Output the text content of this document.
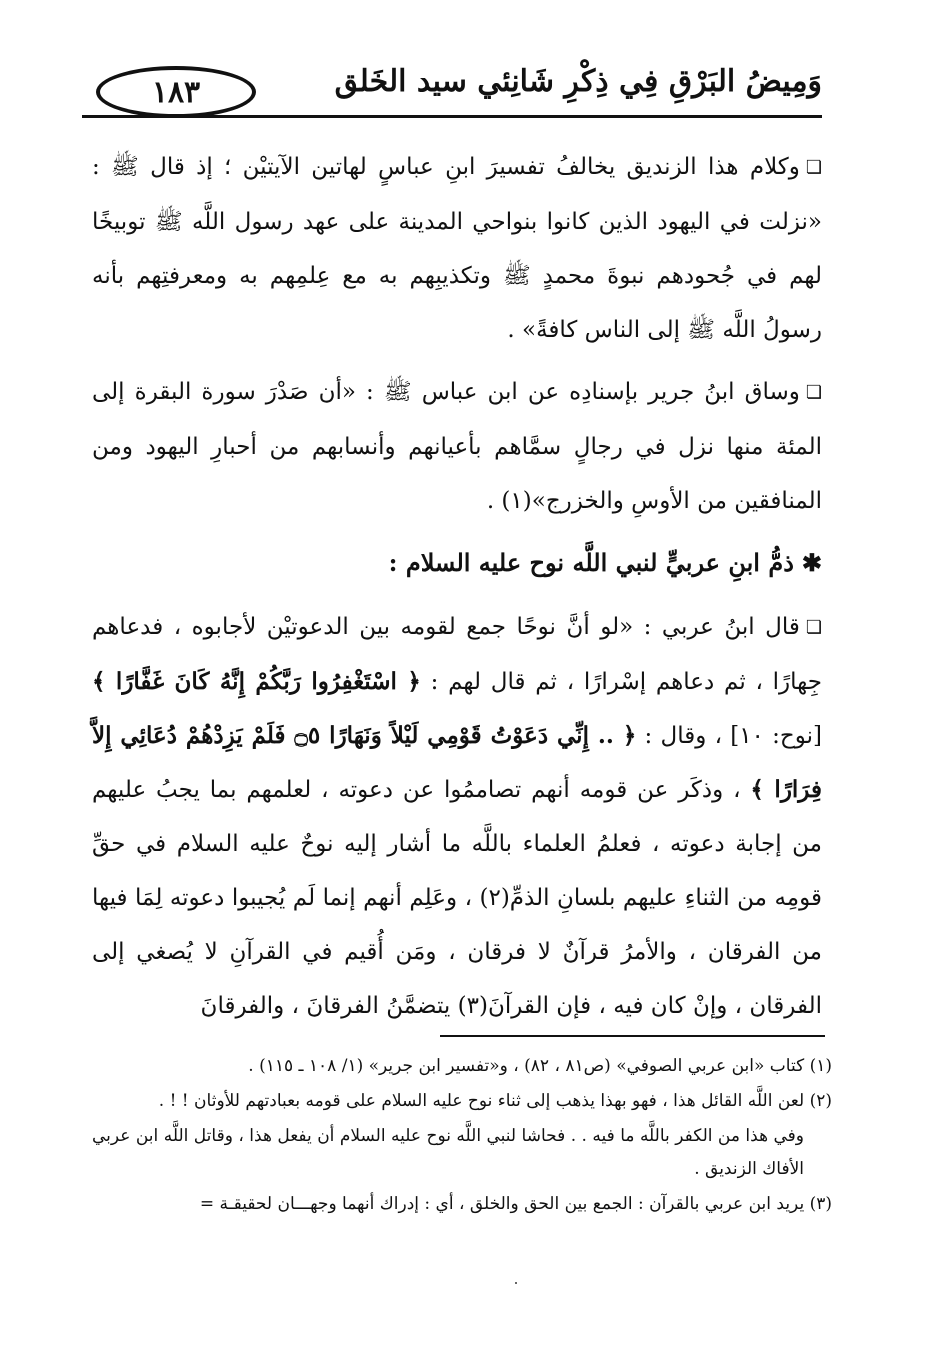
وَمِيضُ البَرْقِ فِي ذِكْرِ شَانِئي سيد الخَلق
١٨٣

❏وكلام هذا الزنديق يخالفُ تفسيرَ ابنِ عباسٍ لهاتين الآيتيْن ؛ إذ قال ﷺ : «نزلت في اليهود الذين كانوا بنواحي المدينة على عهد رسول اللَّه ﷺ توبيخًا لهم في جُحودهم نبوةَ محمدٍ ﷺ وتكذيبِهم به مع عِلمِهم به ومعرفتِهم بأنه رسولُ اللَّه ﷺ إلى الناس كافةً» .

❏وساق ابنُ جرير بإسنادِه عن ابن عباس ﷺ : «أن صَدْرَ سورة البقرة إلى المئة منها نزل في رجالٍ سمَّاهم بأعيانهم وأنسابهم من أحبارِ اليهود ومن المنافقين من الأوسِ والخزرج»(١) .

✱ذمُّ ابنِ عربيٍّ لنبي اللَّه نوح عليه السلام :

❏قال ابنُ عربي : «لو أنَّ نوحًا جمع لقومه بين الدعوتيْن لأجابوه ، فدعاهم جِهارًا ، ثم دعاهم إسْرارًا ، ثم قال لهم : ﴿ اسْتَغْفِرُوا رَبَّكُمْ إِنَّهُ كَانَ غَفَّارًا ﴾ [نوح: ١٠] ، وقال : ﴿ .. إِنِّي دَعَوْتُ قَوْمِي لَيْلاً وَنَهَارًا ۝٥ فَلَمْ يَزِدْهُمْ دُعَائِي إِلاَّ فِرَارًا ﴾ ، وذكَر عن قومه أنهم تصاممُوا عن دعوته ، لعلمهم بما يجبُ عليهم من إجابة دعوته ، فعلمُ العلماء باللَّه ما أشار إليه نوحٌ عليه السلام في حقِّ قومِه من الثناءِ عليهم بلسانِ الذمِّ(٢) ، وعَلِم أنهم إنما لَم يُجيبوا دعوته لِمَا فيها من الفرقان ، والأمرُ قرآنٌ لا فرقان ، ومَن أُقيم في القرآنِ لا يُصغي إلى الفرقان ، وإنْ كان فيه ، فإن القرآنَ(٣) يتضمَّنُ الفرقانَ ، والفرقانَ

(١) كتاب «ابن عربي الصوفي» (ص٨١ ، ٨٢) ، و«تفسير ابن جرير» (١/ ١٠٨ ـ ١١٥) .

(٢) لعن اللَّه القائل هذا ، فهو بهذا يذهب إلى ثناء نوح عليه السلام على قومه بعبادتهم للأوثان ! ! .

وفي هذا من الكفر باللَّه ما فيه . . فحاشا لنبي اللَّه نوح عليه السلام أن يفعل هذا ، وقاتل اللَّه ابن عربي الأفاك الزنديق .

(٣) يريد ابن عربي بالقرآن : الجمع بين الحق والخلق ، أي : إدراك أنهما وجهـــان لحقيقـة =
